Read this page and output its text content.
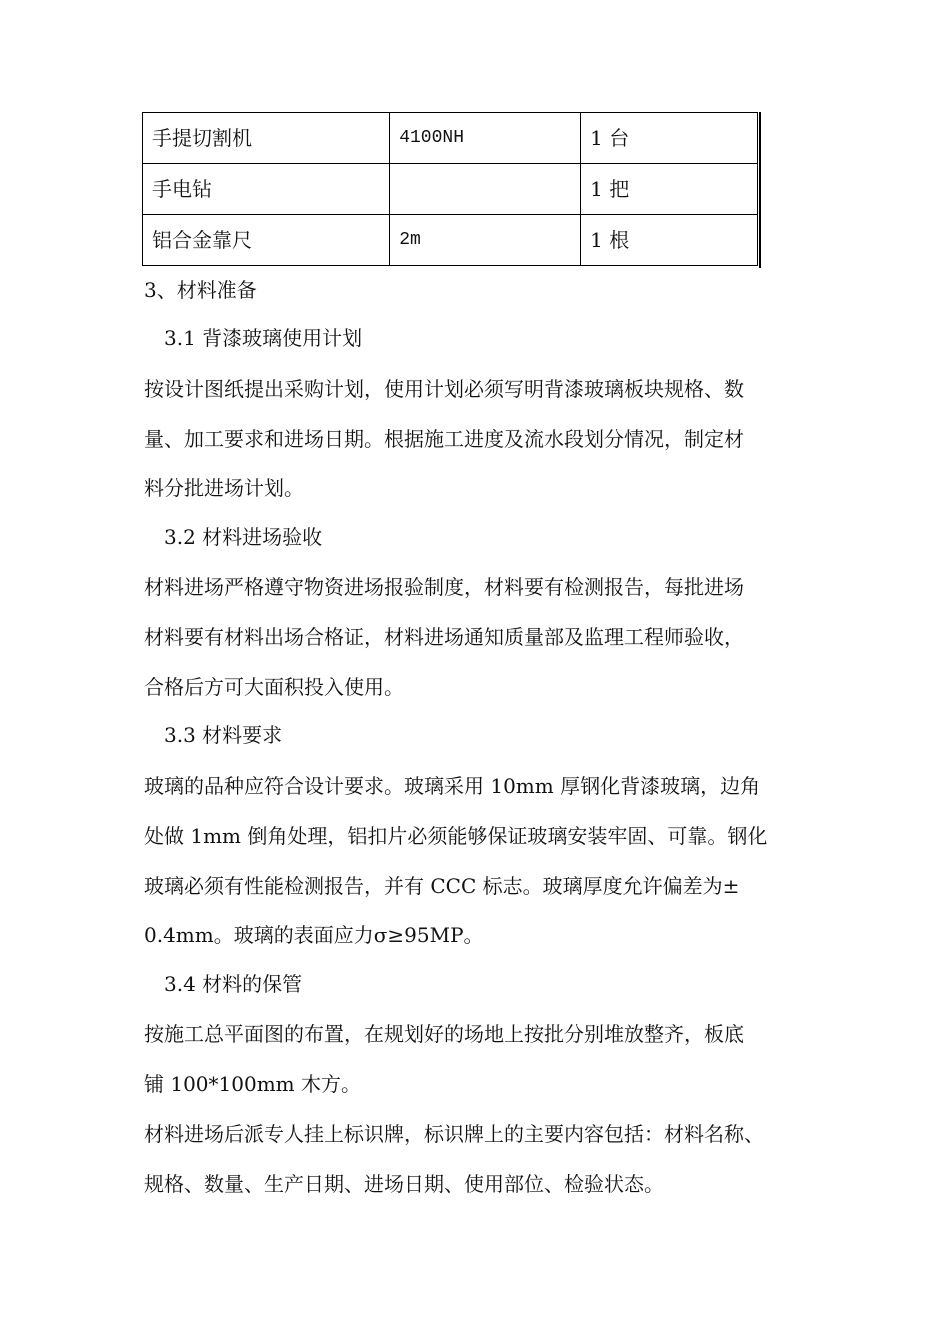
手提切割机	4100NH	1 台
手电钻		1 把
铝合金靠尺	2m	1 根
3、材料准备
3.1 背漆玻璃使用计划
按设计图纸提出采购计划，使用计划必须写明背漆玻璃板块规格、数
量、加工要求和进场日期。根据施工进度及流水段划分情况，制定材
料分批进场计划。
3.2 材料进场验收
材料进场严格遵守物资进场报验制度，材料要有检测报告，每批进场
材料要有材料出场合格证，材料进场通知质量部及监理工程师验收，
合格后方可大面积投入使用。
3.3 材料要求
玻璃的品种应符合设计要求。玻璃采用 10mm 厚钢化背漆玻璃，边角
处做 1mm 倒角处理，铝扣片必须能够保证玻璃安装牢固、可靠。钢化
玻璃必须有性能检测报告，并有 CCC 标志。玻璃厚度允许偏差为±
0.4mm。玻璃的表面应力σ≥95MP。
3.4 材料的保管
按施工总平面图的布置，在规划好的场地上按批分别堆放整齐，板底
铺 100*100mm 木方。
材料进场后派专人挂上标识牌，标识牌上的主要内容包括：材料名称、
规格、数量、生产日期、进场日期、使用部位、检验状态。
